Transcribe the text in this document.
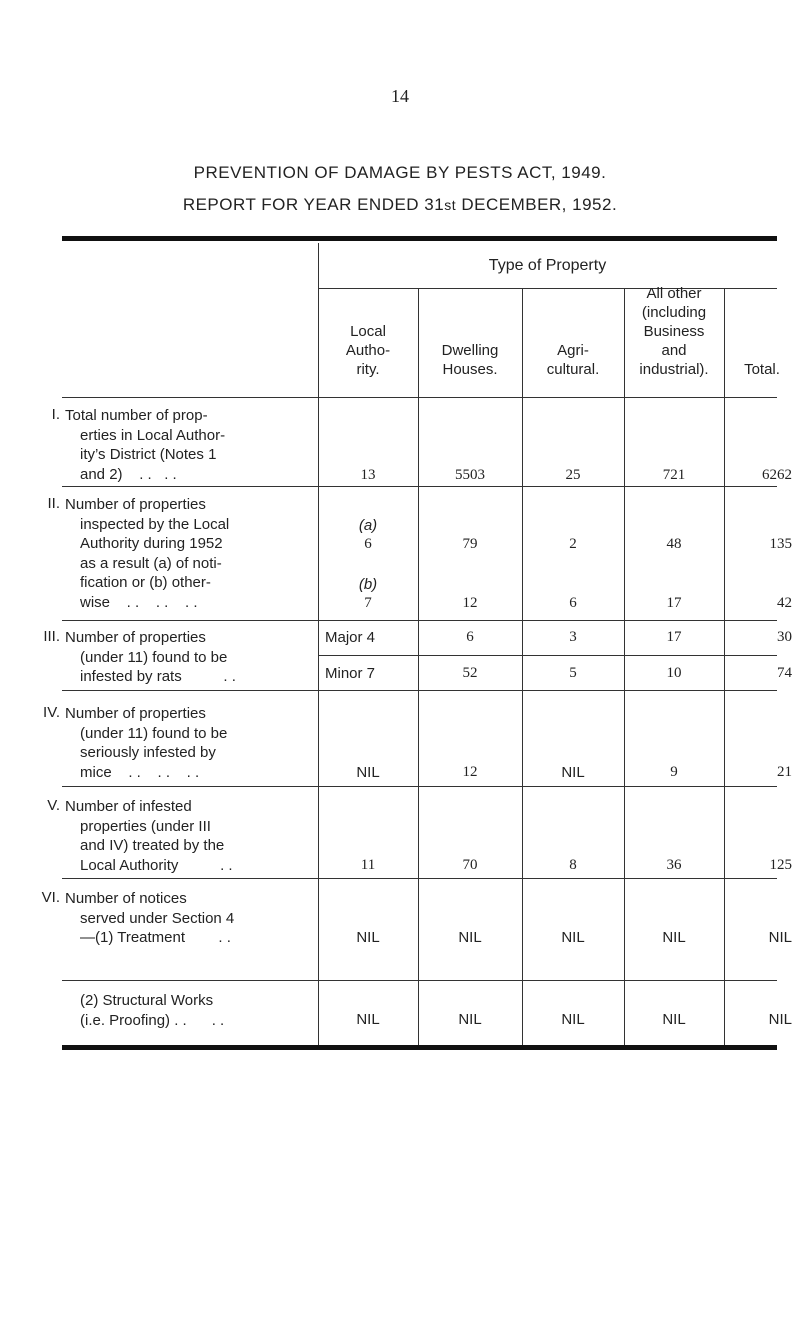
14
PREVENTION OF DAMAGE BY PESTS ACT, 1949.
REPORT FOR YEAR ENDED 31st DECEMBER, 1952.
Type of Property
Local
Autho-
rity.
Dwelling
Houses.
Agri-
cultural.
All other
(including
Business
and
industrial).	Total.
I. Total number of prop-
erties in Local Author-
ity’s District (Notes 1
and 2)    . .   . .	13	5503	25	721	6262
II. Number of properties
inspected by the Local
Authority during 1952
as a result (a) of noti-
fication or (b) other-
wise    . .    . .    . .
(a)
6	79	2	48	135
(b)
7	12	6	17	42
III. Number of properties
(under 11) found to be
infested by rats          . .
Major 4	6	3	17	30
Minor 7	52	5	10	74
IV. Number of properties
(under 11) found to be
seriously infested by
mice    . .    . .    . .	NIL	12	NIL	9	21
V. Number of infested
properties (under III
and IV) treated by the
Local Authority          . .	11	70	8	36	125
VI. Number of notices
served under Section 4
—(1) Treatment        . .	NIL	NIL	NIL	NIL	NIL
(2) Structural Works
(i.e. Proofing) . .      . .	NIL	NIL	NIL	NIL	NIL
